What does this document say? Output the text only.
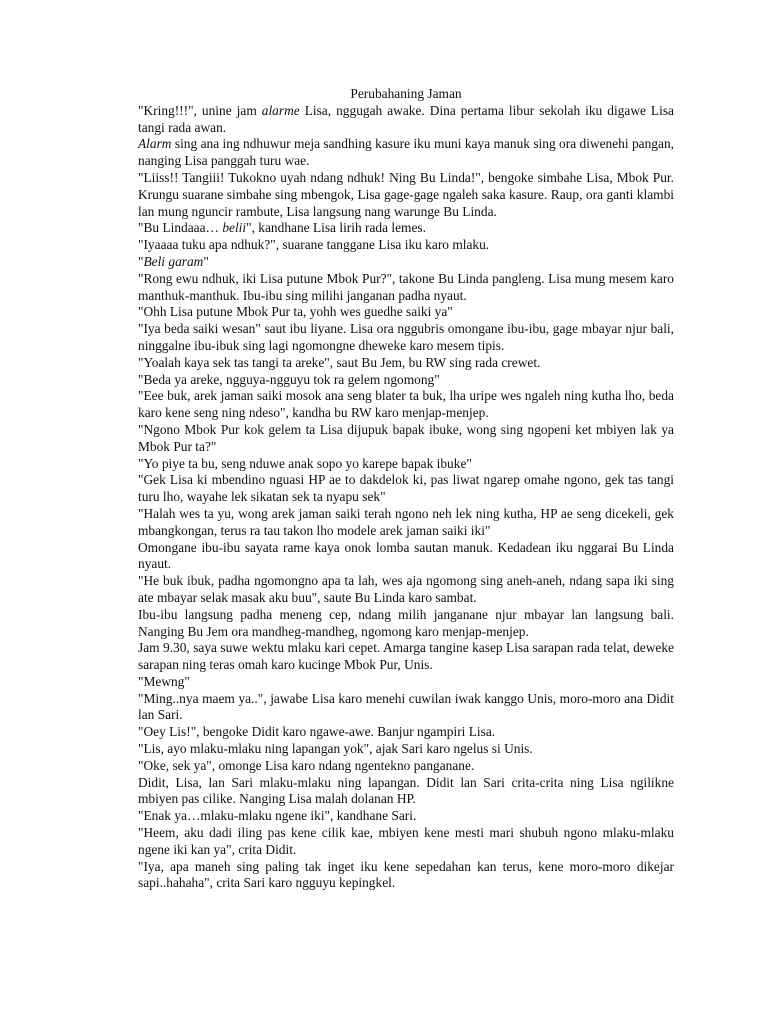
Perubahaning Jaman

"Kring!!!", unine jam alarme Lisa, nggugah awake. Dina pertama libur sekolah iku digawe Lisa tangi rada awan.

Alarm sing ana ing ndhuwur meja sandhing kasure iku muni kaya manuk sing ora diwenehi pangan, nanging Lisa panggah turu wae.

"Liiss!! Tangiii! Tukokno uyah ndang ndhuk! Ning Bu Linda!", bengoke simbahe Lisa, Mbok Pur. Krungu suarane simbahe sing mbengok, Lisa gage-gage ngaleh saka kasure. Raup, ora ganti klambi lan mung nguncir rambute, Lisa langsung nang warunge Bu Linda.

"Bu Lindaaa… belii", kandhane Lisa lirih rada lemes.

"Iyaaaa tuku apa ndhuk?", suarane tanggane Lisa iku karo mlaku.

"Beli garam"

"Rong ewu ndhuk, iki Lisa putune Mbok Pur?", takone Bu Linda pangleng. Lisa mung mesem karo manthuk-manthuk. Ibu-ibu sing milihi janganan padha nyaut.

"Ohh Lisa putune Mbok Pur ta, yohh wes guedhe saiki ya"

"Iya beda saiki wesan" saut ibu liyane. Lisa ora nggubris omongane ibu-ibu, gage mbayar njur bali, ninggalne ibu-ibuk sing lagi ngomongne dheweke karo mesem tipis.

"Yoalah kaya sek tas tangi ta areke", saut Bu Jem, bu RW sing rada crewet.

"Beda ya areke, ngguya-ngguyu tok ra gelem ngomong"

"Eee buk, arek jaman saiki mosok ana seng blater ta buk, lha uripe wes ngaleh ning kutha lho, beda karo kene seng ning ndeso", kandha bu RW karo menjap-menjep.

"Ngono Mbok Pur kok gelem ta Lisa dijupuk bapak ibuke, wong sing ngopeni ket mbiyen lak ya Mbok Pur ta?"

"Yo piye ta bu, seng nduwe anak sopo yo karepe bapak ibuke"

"Gek Lisa ki mbendino nguasi HP ae to dakdelok ki, pas liwat ngarep omahe ngono, gek tas tangi turu lho, wayahe lek sikatan sek ta nyapu sek"

"Halah wes ta yu, wong arek jaman saiki terah ngono neh lek ning kutha, HP ae seng dicekeli, gek mbangkongan, terus ra tau takon lho modele arek jaman saiki iki"

Omongane ibu-ibu sayata rame kaya onok lomba sautan manuk. Kedadean iku nggarai Bu Linda nyaut.

"He buk ibuk, padha ngomongno apa ta lah, wes aja ngomong sing aneh-aneh, ndang sapa iki sing ate mbayar selak masak aku buu", saute Bu Linda karo sambat.

Ibu-ibu langsung padha meneng cep, ndang milih jangananе njur mbayar lan langsung bali. Nanging Bu Jem ora mandheg-mandheg, ngomong karo menjap-menjep.

Jam 9.30, saya suwe wektu mlaku kari cepet. Amarga tangine kasep Lisa sarapan rada telat, deweke sarapan ning teras omah karo kucinge Mbok Pur, Unis.

"Mewng"

"Ming..nya maem ya..", jawabe Lisa karo menehi cuwilan iwak kanggo Unis, moro-moro ana Didit lan Sari.

"Oey Lis!", bengoke Didit karo ngawe-awe. Banjur ngampiri Lisa.

"Lis, ayo mlaku-mlaku ning lapangan yok", ajak Sari karo ngelus si Unis.

"Oke, sek ya", omonge Lisa karo ndang ngentekno panganane.

Didit, Lisa, lan Sari mlaku-mlaku ning lapangan. Didit lan Sari crita-crita ning Lisa ngilikne mbiyen pas cilike. Nanging Lisa malah dolanan HP.

"Enak ya…mlaku-mlaku ngene iki", kandhane Sari.

"Heem, aku dadi iling pas kene cilik kae, mbiyen kene mesti mari shubuh ngono mlaku-mlaku ngene iki kan ya", crita Didit.

"Iya, apa maneh sing paling tak inget iku kene sepedahan kan terus, kene moro-moro dikejar sapi..hahaha", crita Sari karo ngguyu kepingkel.
